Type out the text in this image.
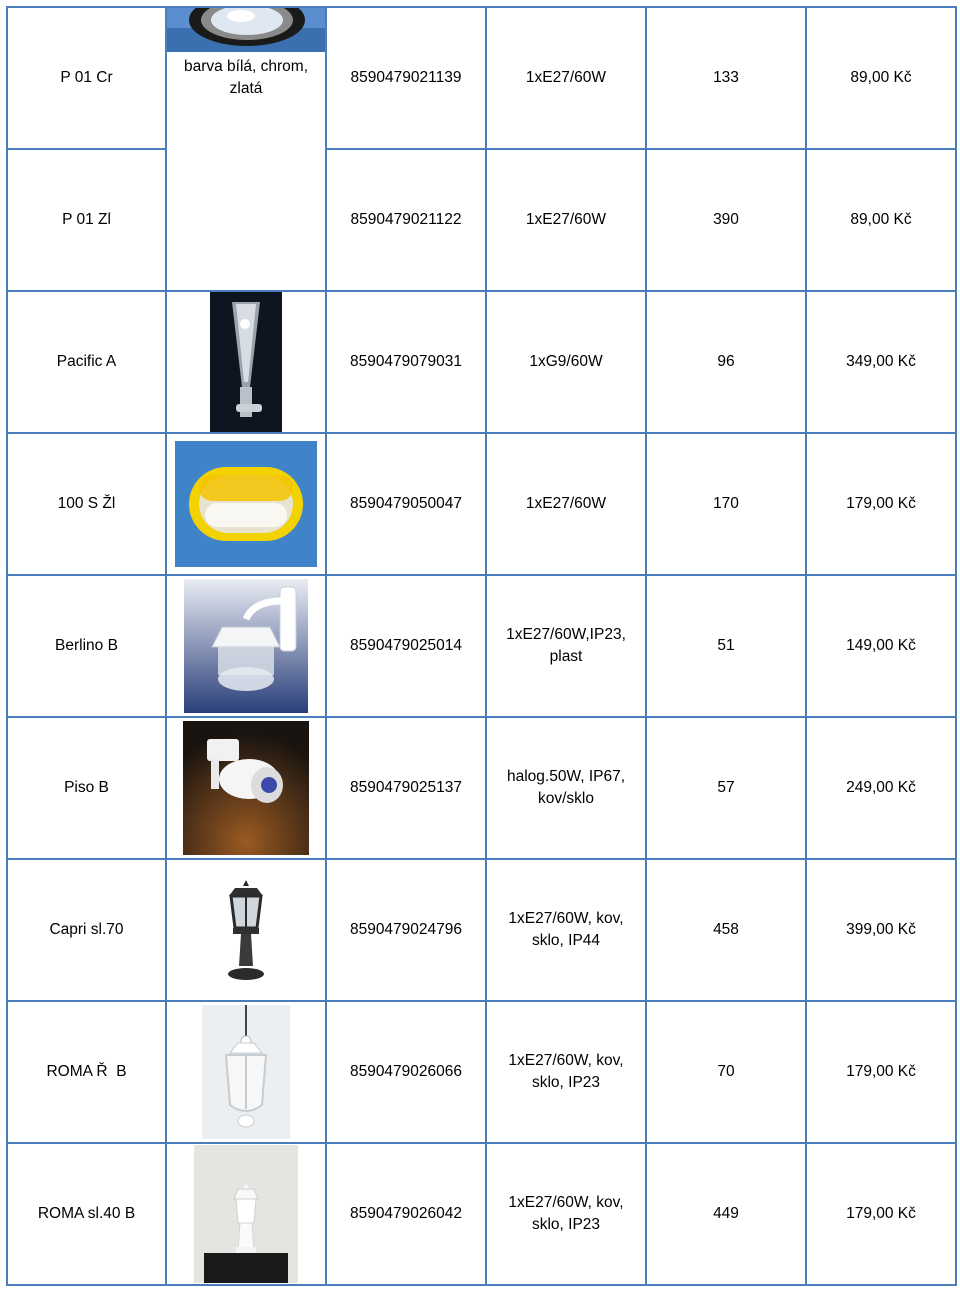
P 01 Cr	barva bílá, chrom, zlatá	8590479021139	1xE27/60W	133	89,00 Kč
P 01 Zl		8590479021122	1xE27/60W	390	89,00 Kč
Pacific A		8590479079031	1xG9/60W	96	349,00 Kč
100 S Žl		8590479050047	1xE27/60W	170	179,00 Kč
Berlino B		8590479025014	1xE27/60W,IP23, plast	51	149,00 Kč
Piso B		8590479025137	halog.50W, IP67, kov/sklo	57	249,00 Kč
Capri sl.70		8590479024796	1xE27/60W, kov, sklo, IP44	458	399,00 Kč
ROMA Ř  B		8590479026066	1xE27/60W, kov, sklo, IP23	70	179,00 Kč
ROMA sl.40 B		8590479026042	1xE27/60W, kov, sklo, IP23	449	179,00 Kč
